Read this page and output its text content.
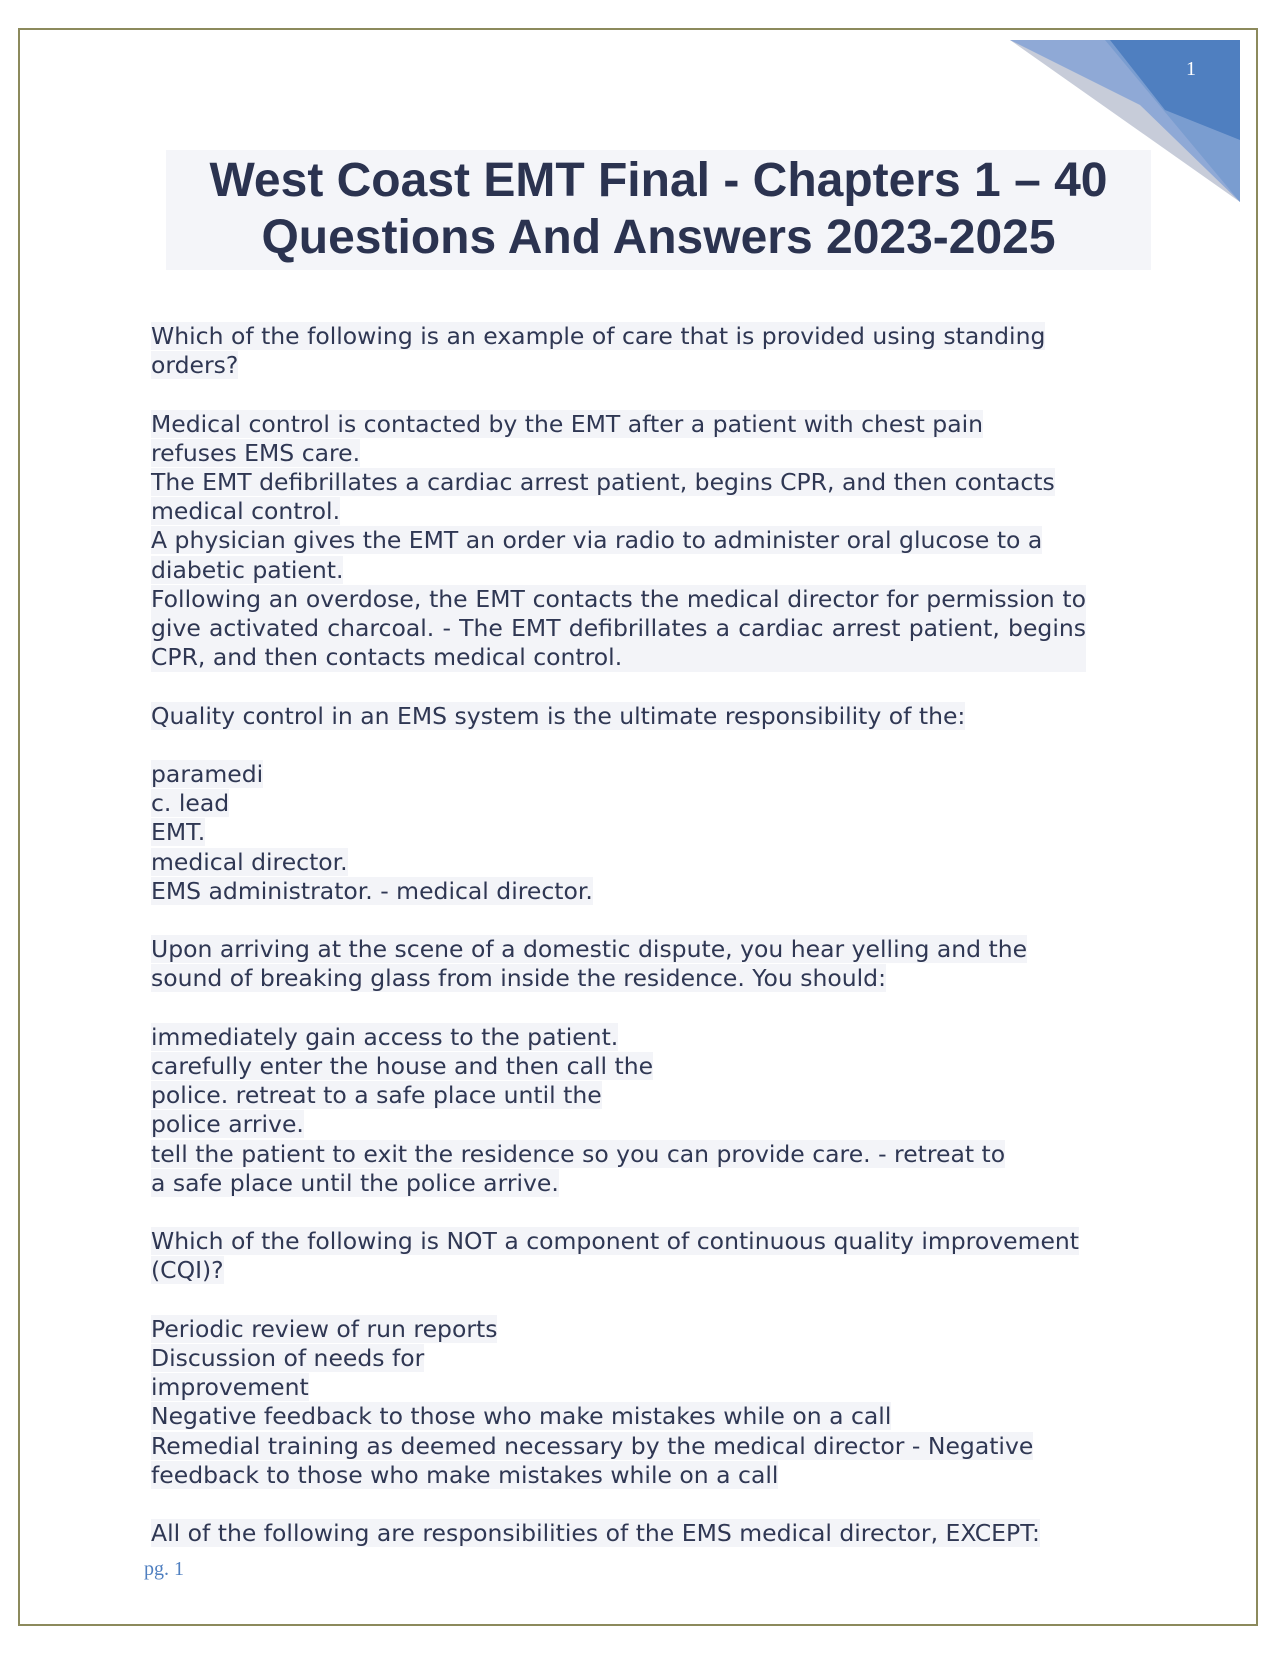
1
West Coast EMT Final - Chapters 1 – 40
Questions And Answers 2023-2025
Which of the following is an example of care that is provided using standing
orders?
Medical control is contacted by the EMT after a patient with chest pain
refuses EMS care.
The EMT defibrillates a cardiac arrest patient, begins CPR, and then contacts
medical control.
A physician gives the EMT an order via radio to administer oral glucose to a
diabetic patient.
Following an overdose, the EMT contacts the medical director for permission to give activated charcoal. - The EMT defibrillates a cardiac arrest patient, begins CPR, and then contacts medical control.
Quality control in an EMS system is the ultimate responsibility of the:
paramedi
c. lead
EMT.
medical director.
EMS administrator. - medical director.
Upon arriving at the scene of a domestic dispute, you hear yelling and the
sound of breaking glass from inside the residence. You should:
immediately gain access to the patient.
carefully enter the house and then call the
police. retreat to a safe place until the
police arrive.
tell the patient to exit the residence so you can provide care. - retreat to
a safe place until the police arrive.
Which of the following is NOT a component of continuous quality improvement
(CQI)?
Periodic review of run reports
Discussion of needs for
improvement
Negative feedback to those who make mistakes while on a call
Remedial training as deemed necessary by the medical director - Negative
feedback to those who make mistakes while on a call
All of the following are responsibilities of the EMS medical director, EXCEPT:
pg. 1
